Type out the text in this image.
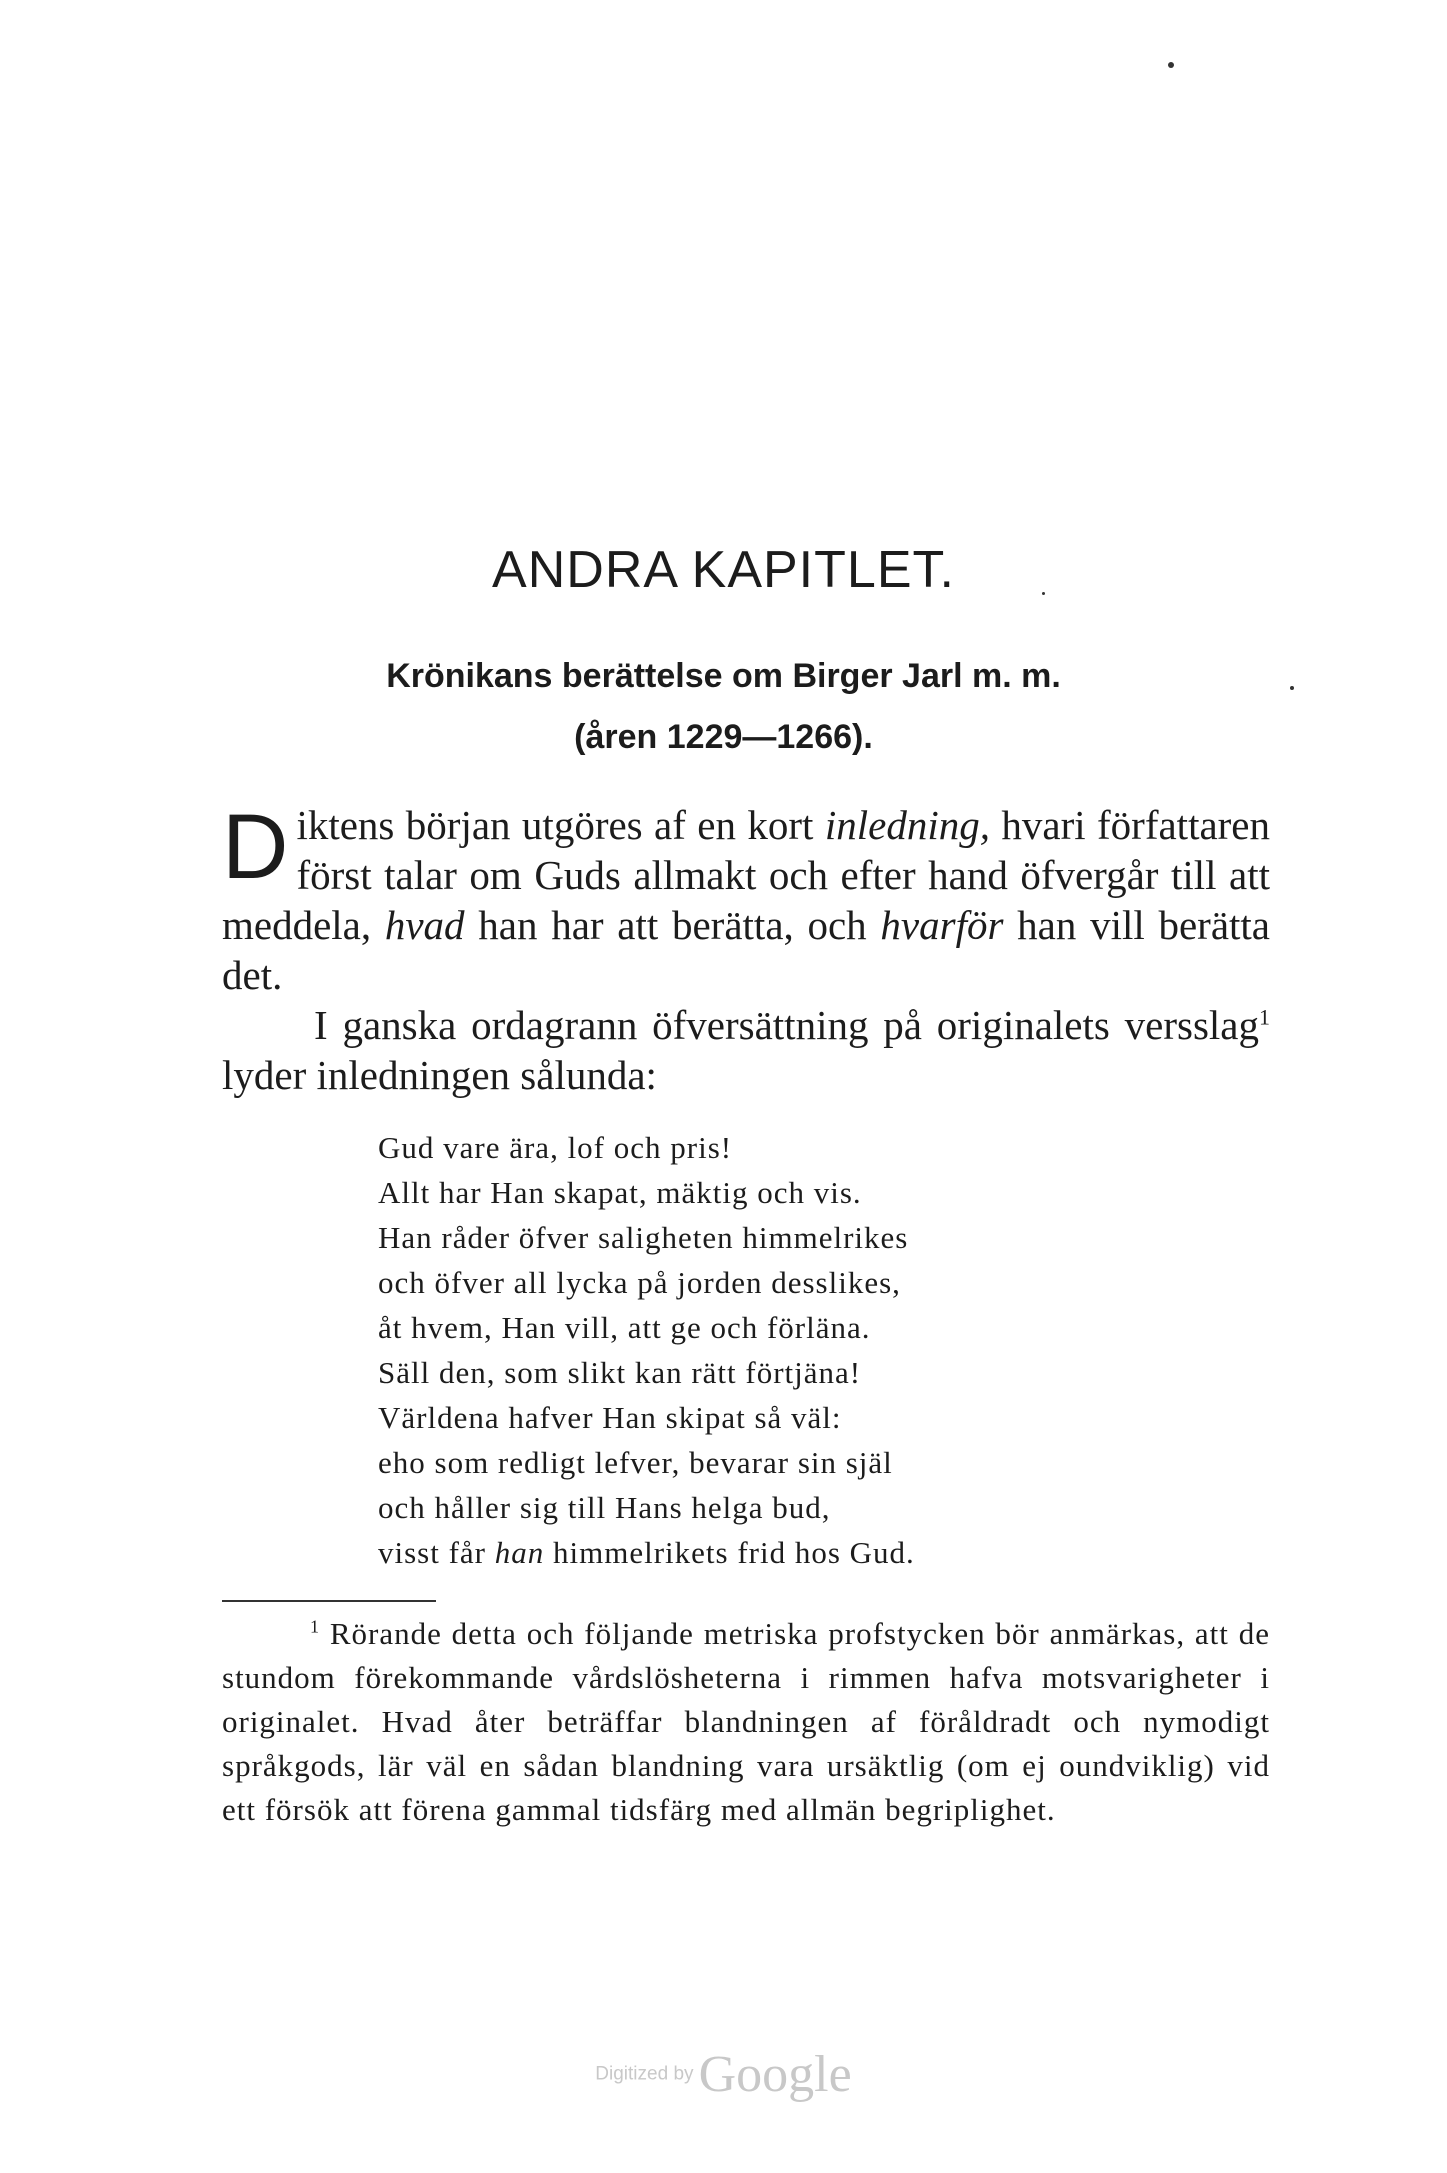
ANDRA KAPITLET.
Krönikans berättelse om Birger Jarl m. m.
(åren 1229—1266).

Diktens början utgöres af en kort inledning, hvari författaren först talar om Guds allmakt och efter hand öfvergår till att meddela, hvad han har att berätta, och hvarför han vill berätta det.

I ganska ordagrann öfversättning på originalets versslag$^1$ lyder inledningen sålunda:

Gud vare ära, lof och pris!
Allt har Han skapat, mäktig och vis.
Han råder öfver saligheten himmelrikes
och öfver all lycka på jorden desslikes,
åt hvem, Han vill, att ge och förläna.
Säll den, som slikt kan rätt förtjäna!
Världena hafver Han skipat så väl:
eho som redligt lefver, bevarar sin själ
och håller sig till Hans helga bud,
visst får han himmelrikets frid hos Gud.

$^1$ Rörande detta och följande metriska profstycken bör anmärkas, att de stundom förekommande vårdslösheterna i rimmen hafva motsvarigheter i originalet. Hvad åter beträffar blandningen af föråldradt och nymodigt språkgods, lär väl en sådan blandning vara ursäktlig (om ej oundviklig) vid ett försök att förena gammal tidsfärg med allmän begriplighet.

Digitized by Google
